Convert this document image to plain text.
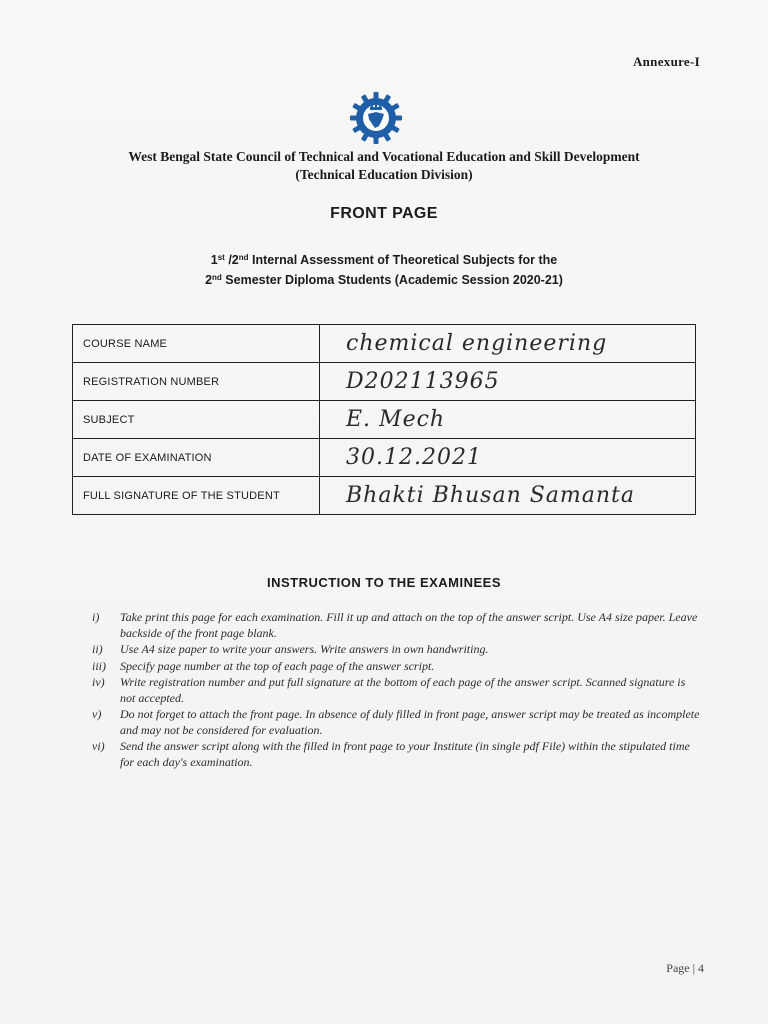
Annexure-I
West Bengal State Council of Technical and Vocational Education and Skill Development
(Technical Education Division)
FRONT PAGE
1st /2nd Internal Assessment of Theoretical Subjects for the
2nd Semester Diploma Students (Academic Session 2020-21)
COURSE NAME	chemical engineering
REGISTRATION NUMBER	D202113965
SUBJECT	E. Mech
DATE OF EXAMINATION	30.12.2021
FULL SIGNATURE OF THE STUDENT	Bhakti Bhusan Samanta
INSTRUCTION TO THE EXAMINEES
i)	Take print this page for each examination. Fill it up and attach on the top of the answer script. Use A4 size paper. Leave backside of the front page blank.
ii)	Use A4 size paper to write your answers. Write answers in own handwriting.
iii)	Specify page number at the top of each page of the answer script.
iv)	Write registration number and put full signature at the bottom of each page of the answer script. Scanned signature is not accepted.
v)	Do not forget to attach the front page. In absence of duly filled in front page, answer script may be treated as incomplete and may not be considered for evaluation.
vi)	Send the answer script along with the filled in front page to your Institute (in single pdf File) within the stipulated time for each day's examination.
Page | 4
